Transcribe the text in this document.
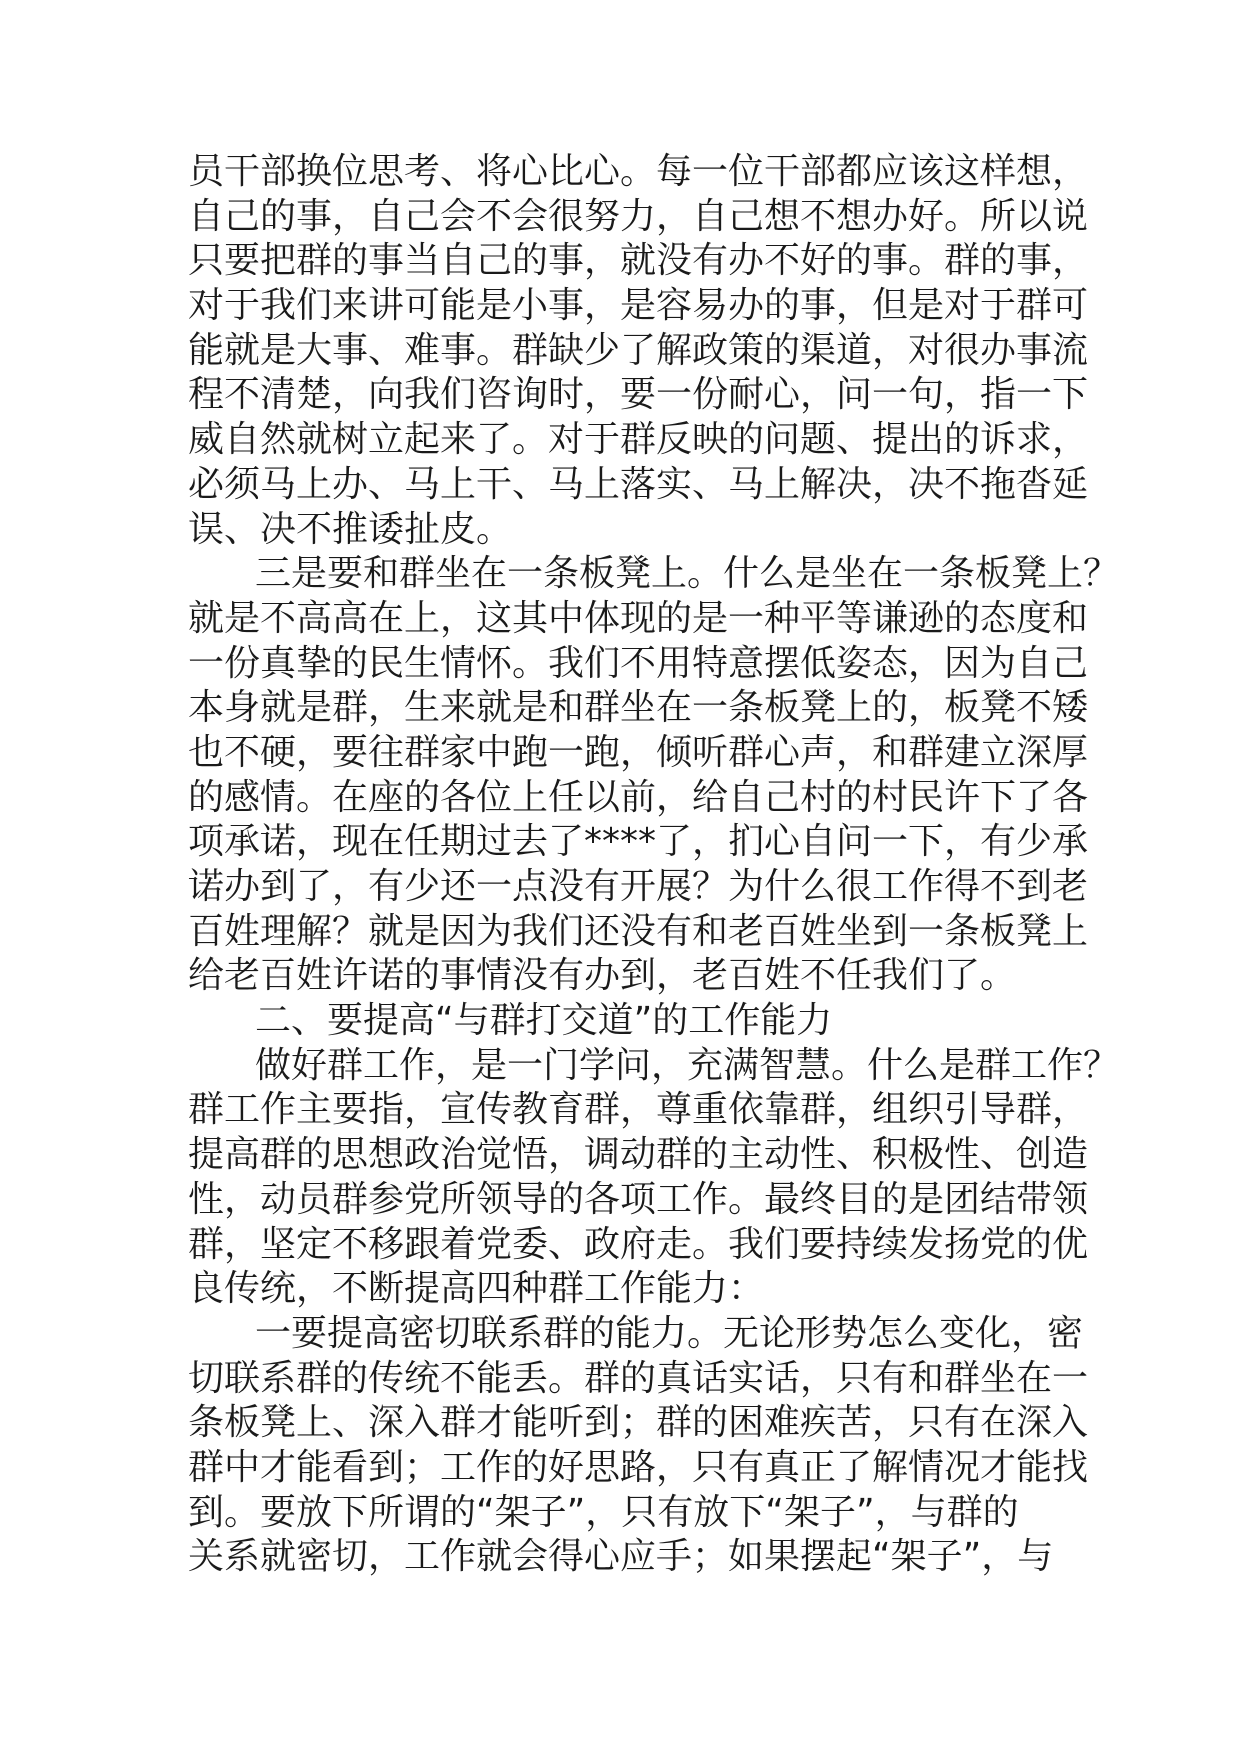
员干部换位思考、将心比心。每一位干部都应该这样想，
自己的事，自己会不会很努力，自己想不想办好。所以说
只要把群的事当自己的事，就没有办不好的事。群的事，
对于我们来讲可能是小事，是容易办的事，但是对于群可
能就是大事、难事。群缺少了解政策的渠道，对很办事流
程不清楚，向我们咨询时，要一份耐心，问一句，指一下
威自然就树立起来了。对于群反映的问题、提出的诉求，
必须马上办、马上干、马上落实、马上解决，决不拖沓延
误、决不推诿扯皮。
三是要和群坐在一条板凳上。什么是坐在一条板凳上？
就是不高高在上，这其中体现的是一种平等谦逊的态度和
一份真挚的民生情怀。我们不用特意摆低姿态，因为自己
本身就是群，生来就是和群坐在一条板凳上的，板凳不矮
也不硬，要往群家中跑一跑，倾听群心声，和群建立深厚
的感情。在座的各位上任以前，给自己村的村民许下了各
项承诺，现在任期过去了****了，扪心自问一下，有少承
诺办到了，有少还一点没有开展？为什么很工作得不到老
百姓理解？就是因为我们还没有和老百姓坐到一条板凳上
给老百姓许诺的事情没有办到，老百姓不任我们了。
二、要提高“与群打交道”的工作能力
做好群工作，是一门学问，充满智慧。什么是群工作？
群工作主要指，宣传教育群，尊重依靠群，组织引导群，
提高群的思想政治觉悟，调动群的主动性、积极性、创造
性，动员群参党所领导的各项工作。最终目的是团结带领
群，坚定不移跟着党委、政府走。我们要持续发扬党的优
良传统，不断提高四种群工作能力：
一要提高密切联系群的能力。无论形势怎么变化，密
切联系群的传统不能丢。群的真话实话，只有和群坐在一
条板凳上、深入群才能听到；群的困难疾苦，只有在深入
群中才能看到；工作的好思路，只有真正了解情况才能找
到。要放下所谓的“架子”，只有放下“架子”，与群的
关系就密切，工作就会得心应手；如果摆起“架子”，与
